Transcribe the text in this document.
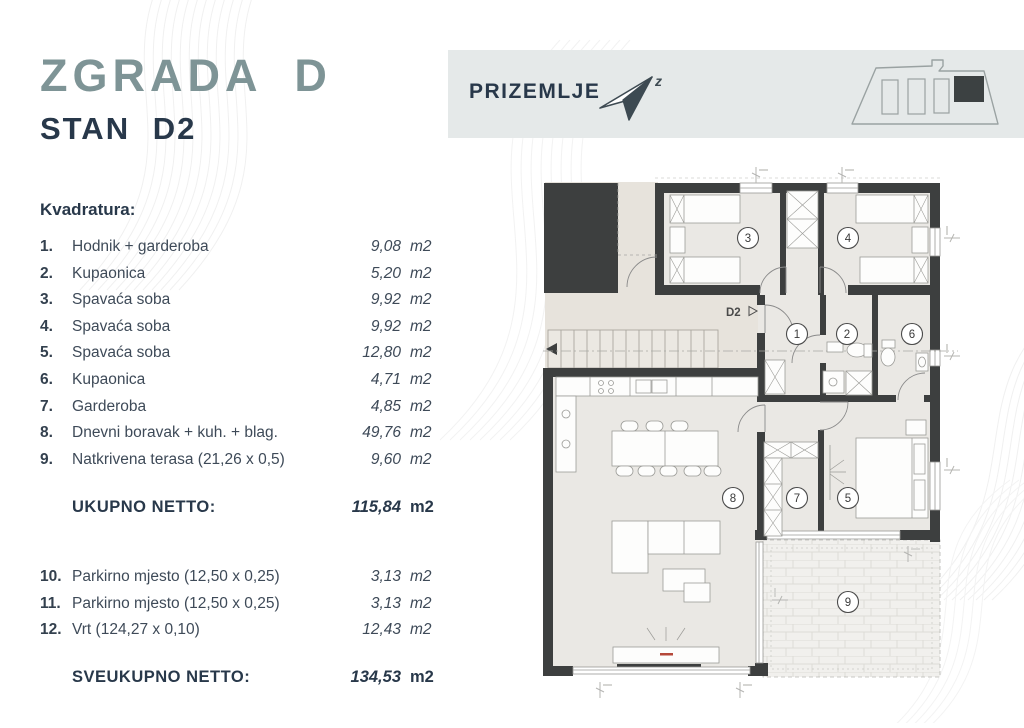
ZGRADA D
STAN D2
Kvadratura:
1.	Hodnik + garderoba	9,08 m2
2.	Kupaonica	5,20 m2
3.	Spavaća soba	9,92 m2
4.	Spavaća soba	9,92 m2
5.	Spavaća soba	12,80 m2
6.	Kupaonica	4,71 m2
7.	Garderoba	4,85 m2
8.	Dnevni boravak + kuh. + blag.	49,76 m2
9.	Natkrivena terasa (21,26 x 0,5)	9,60 m2
UKUPNO NETTO:	115,84 m2
10. Parkirno mjesto (12,50 x 0,25)	3,13 m2
11. Parkirno mjesto (12,50 x 0,25)	3,13 m2
12. Vrt (124,27 x 0,10)	12,43 m2
SVEUKUPNO NETTO:	134,53 m2
PRIZEMLJE	z
1	2
3	4
5
6
7
8
9
D2
